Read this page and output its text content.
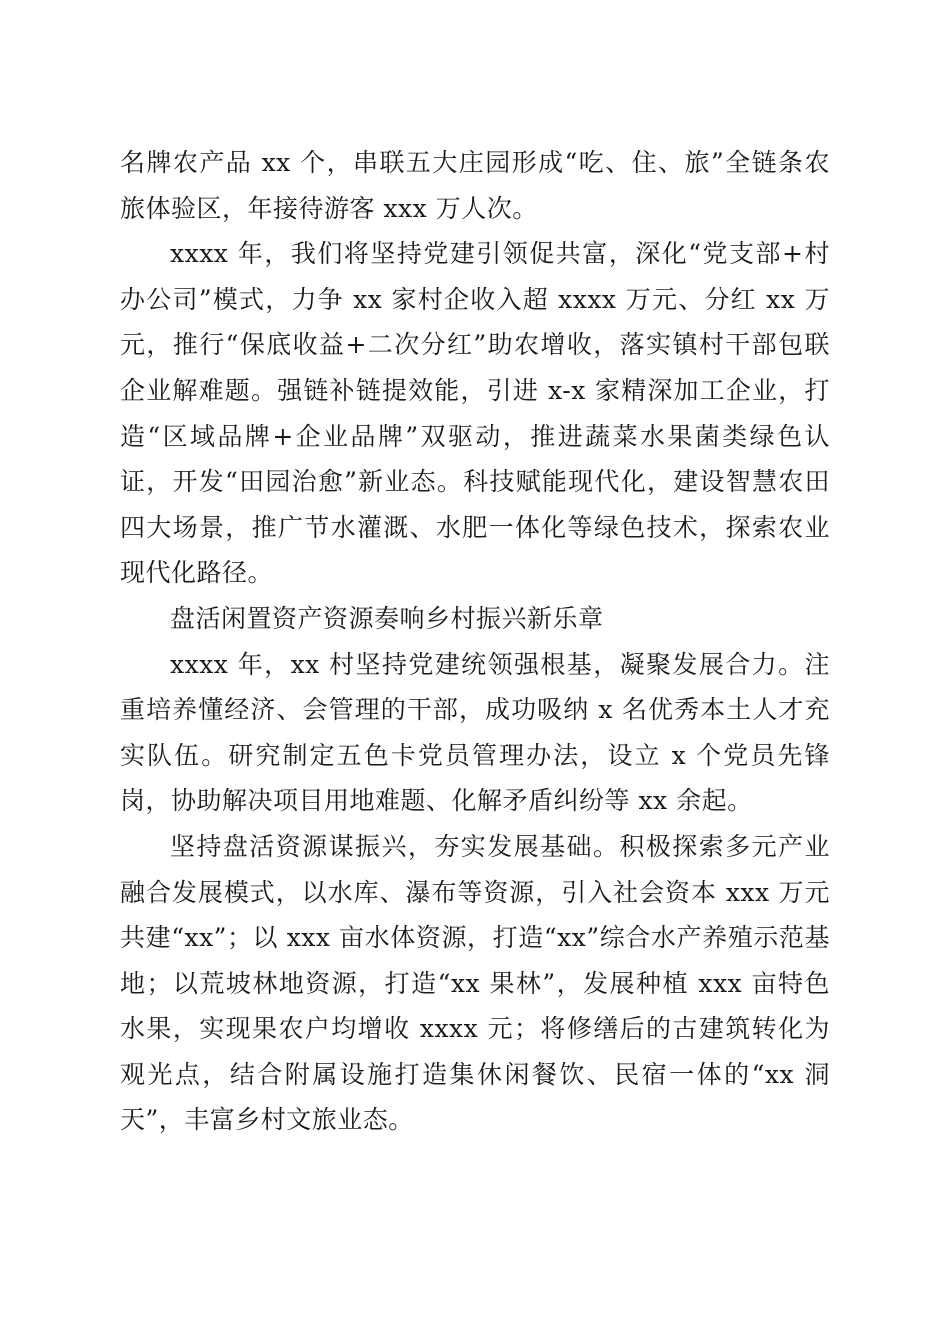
名牌农产品 xx 个，串联五大庄园形成“吃、住、旅”全链条农旅体验区，年接待游客 xxx 万人次。

xxxx 年，我们将坚持党建引领促共富，深化“党支部+村办公司”模式，力争 xx 家村企收入超 xxxx 万元、分红 xx 万元，推行“保底收益+二次分红”助农增收，落实镇村干部包联企业解难题。强链补链提效能，引进 x-x 家精深加工企业，打造“区域品牌+企业品牌”双驱动，推进蔬菜水果菌类绿色认证，开发“田园治愈”新业态。科技赋能现代化，建设智慧农田四大场景，推广节水灌溉、水肥一体化等绿色技术，探索农业现代化路径。

盘活闲置资产资源奏响乡村振兴新乐章

xxxx 年，xx 村坚持党建统领强根基，凝聚发展合力。注重培养懂经济、会管理的干部，成功吸纳 x 名优秀本土人才充实队伍。研究制定五色卡党员管理办法，设立 x 个党员先锋岗，协助解决项目用地难题、化解矛盾纠纷等 xx 余起。

坚持盘活资源谋振兴，夯实发展基础。积极探索多元产业融合发展模式，以水库、瀑布等资源，引入社会资本 xxx 万元共建“xx”；以 xxx 亩水体资源，打造“xx”综合水产养殖示范基地；以荒坡林地资源，打造“xx 果林”，发展种植 xxx 亩特色水果，实现果农户均增收 xxxx 元；将修缮后的古建筑转化为观光点，结合附属设施打造集休闲餐饮、民宿一体的“xx 洞天”，丰富乡村文旅业态。
